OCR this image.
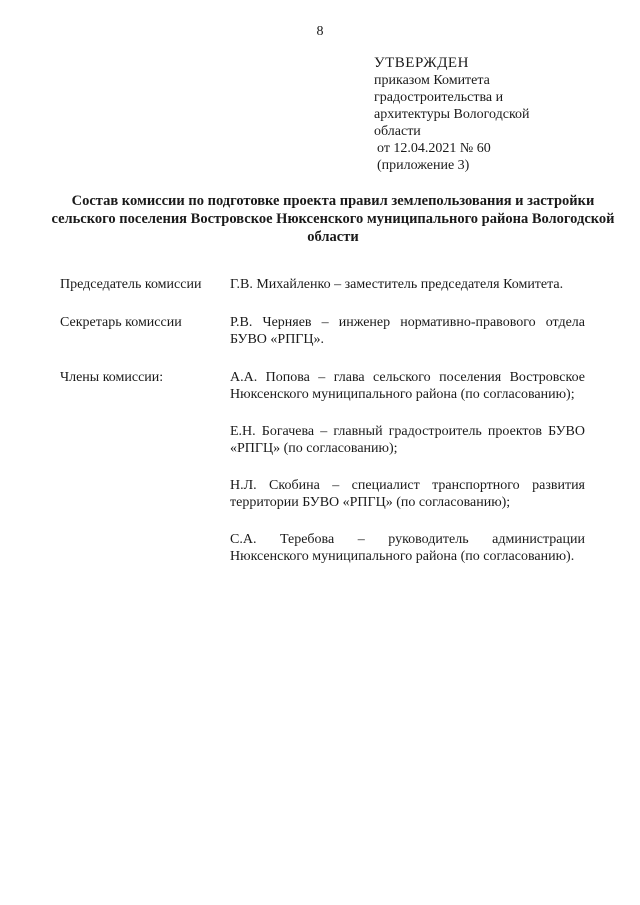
8
УТВЕРЖДЕН
приказом Комитета
градостроительства и
архитектуры Вологодской
области
от 12.04.2021 № 60
(приложение 3)
Состав комиссии по подготовке проекта правил землепользования и застройки сельского поселения Востровское Нюксенского муниципального района Вологодской области
Председатель комиссии	Г.В. Михайленко – заместитель председателя Комитета.
Секретарь комиссии	Р.В. Черняев – инженер нормативно-правового отдела БУВО «РПГЦ».
Члены комиссии:	А.А. Попова – глава сельского поселения Востровское Нюксенского муниципального района (по согласованию);
Е.Н. Богачева – главный градостроитель проектов БУВО «РПГЦ» (по согласованию);
Н.Л. Скобина – специалист транспортного развития территории БУВО «РПГЦ» (по согласованию);
С.А. Теребова – руководитель администрации Нюксенского муниципального района (по согласованию).
